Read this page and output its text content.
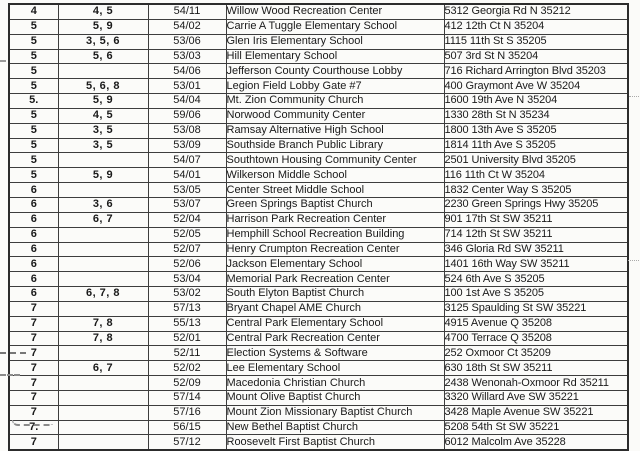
4	4, 5	54/11	Willow Wood Recreation Center	5312 Georgia Rd N 35212
5	5, 9	54/02	Carrie A Tuggle Elementary School	412 12th Ct N 35204
5	3, 5, 6	53/06	Glen Iris Elementary School	1115 11th St S 35205
5	5, 6	53/03	Hill Elementary School	507 3rd St N 35204
5		54/06	Jefferson County Courthouse Lobby	716 Richard Arrington Blvd 35203
5	5, 6, 8	53/01	Legion Field Lobby Gate #7	400 Graymont Ave W 35204
5.	5, 9	54/04	Mt. Zion Community Church	1600 19th Ave N 35204
5	4, 5	59/06	Norwood Community Center	1330 28th St N 35234
5	3, 5	53/08	Ramsay Alternative High School	1800 13th Ave S 35205
5	3, 5	53/09	Southside Branch Public Library	1814 11th Ave S 35205
5		54/07	Southtown Housing Community Center	2501 University Blvd 35205
5	5, 9	54/01	Wilkerson Middle School	116 11th Ct W 35204
6		53/05	Center Street Middle School	1832 Center Way S 35205
6	3, 6	53/07	Green Springs Baptist Church	2230 Green Springs Hwy 35205
6	6, 7	52/04	Harrison Park Recreation Center	901 17th St SW 35211
6		52/05	Hemphill School Recreation Building	714 12th St SW 35211
6		52/07	Henry Crumpton Recreation Center	346 Gloria Rd SW 35211
6		52/06	Jackson Elementary School	1401 16th Way SW 35211
6		53/04	Memorial Park Recreation Center	524 6th Ave S 35205
6	6, 7, 8	53/02	South Elyton Baptist Church	100 1st Ave S 35205
7		57/13	Bryant Chapel AME Church	3125 Spaulding St SW 35221
7	7, 8	55/13	Central Park Elementary School	4915 Avenue Q 35208
7	7, 8	52/01	Central Park Recreation Center	4700 Terrace Q 35208
7		52/11	Election Systems & Software	252 Oxmoor Ct 35209
7	6, 7	52/02	Lee Elementary School	630 18th St SW 35211
7		52/09	Macedonia Christian Church	2438 Wenonah-Oxmoor Rd 35211
7		57/14	Mount Olive Baptist Church	3320 Willard Ave SW 35221
7		57/16	Mount Zion Missionary Baptist Church	3428 Maple Avenue SW 35221
7.		56/15	New Bethel Baptist Church	5208 54th St SW 35221
7		57/12	Roosevelt First Baptist Church	6012 Malcolm Ave 35228
